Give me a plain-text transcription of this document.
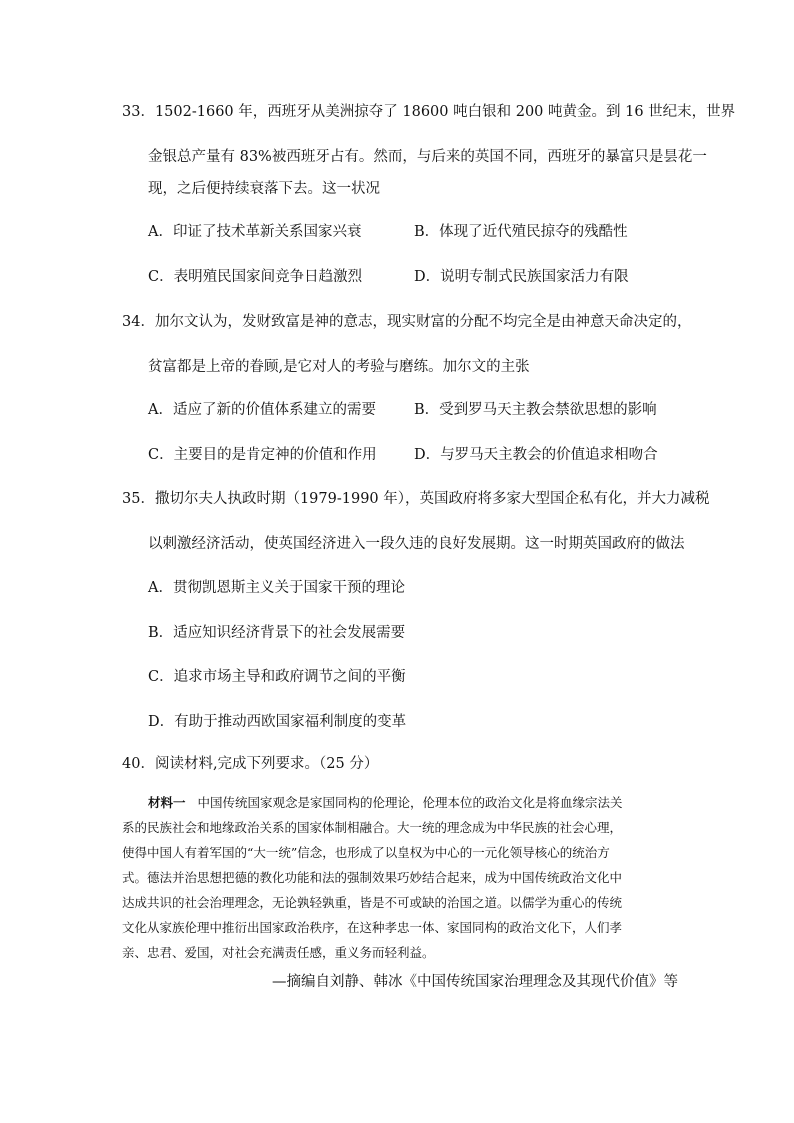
33．1502-1660 年，西班牙从美洲掠夺了 18600 吨白银和 200 吨黄金。到 16 世纪末，世界
金银总产量有 83%被西班牙占有。然而，与后来的英国不同，西班牙的暴富只是昙花一
现，之后便持续衰落下去。这一状况
A．印证了技术革新关系国家兴衰	B．体现了近代殖民掠夺的残酷性
C．表明殖民国家间竞争日趋激烈	D．说明专制式民族国家活力有限
34．加尔文认为，发财致富是神的意志，现实财富的分配不均完全是由神意天命决定的，
贫富都是上帝的眷顾,是它对人的考验与磨练。加尔文的主张
A．适应了新的价值体系建立的需要	B．受到罗马天主教会禁欲思想的影响
C．主要目的是肯定神的价值和作用	D．与罗马天主教会的价值追求相吻合
35．撒切尔夫人执政时期（1979-1990 年），英国政府将多家大型国企私有化，并大力减税
以刺激经济活动，使英国经济进入一段久违的良好发展期。这一时期英国政府的做法
A．贯彻凯恩斯主义关于国家干预的理论
B．适应知识经济背景下的社会发展需要
C．追求市场主导和政府调节之间的平衡
D．有助于推动西欧国家福利制度的变革
40．阅读材料,完成下列要求。（25 分）
材料一 中国传统国家观念是家国同构的伦理论，伦理本位的政治文化是将血缘宗法关
系的民族社会和地缘政治关系的国家体制相融合。大一统的理念成为中华民族的社会心理，
使得中国人有着军国的“大一统”信念，也形成了以皇权为中心的一元化领导核心的统治方
式。德法并治思想把德的教化功能和法的强制效果巧妙结合起来，成为中国传统政治文化中
达成共识的社会治理理念，无论孰轻孰重，皆是不可或缺的治国之道。以儒学为重心的传统
文化从家族伦理中推衍出国家政治秩序，在这种孝忠一体、家国同构的政治文化下，人们孝
亲、忠君、爱国，对社会充满责任感，重义务而轻利益。
—摘编自刘静、韩冰《中国传统国家治理理念及其现代价值》等
